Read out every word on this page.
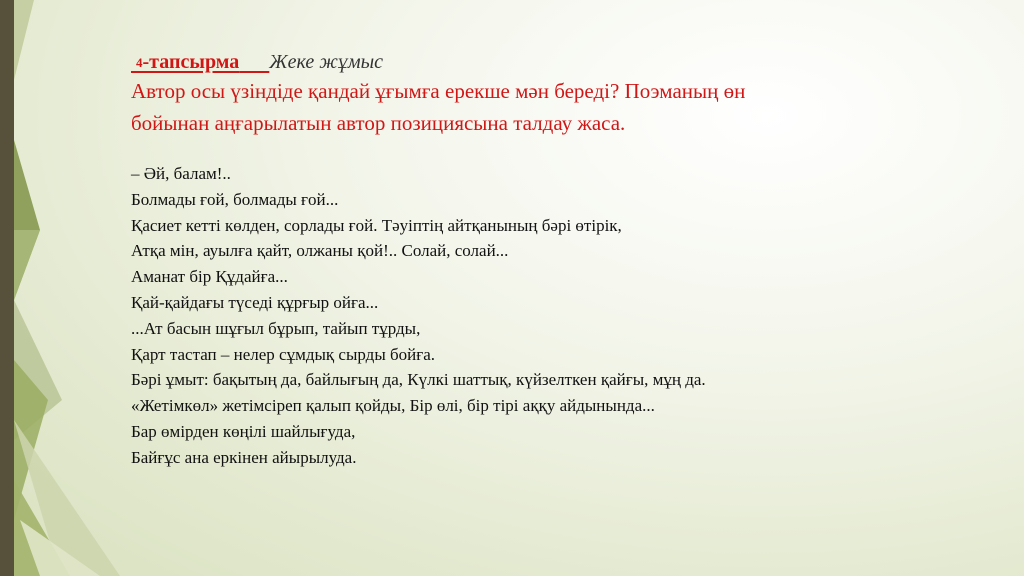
4-тапсырма Жеке жұмыс
Автор осы үзіндіде қандай ұғымға ерекше мән береді? Поэманың өн
бойынан аңғарылатын автор позициясына талдау жаса.
– Әй, балам!..
Болмады ғой, болмады ғой...
Қасиет кетті көлден, сорлады ғой. Тәуіптің айтқанының бәрі өтірік,
Атқа мін, ауылға қайт, олжаны қой!.. Солай, солай...
Аманат бір Құдайға...
Қай-қайдағы түседі құрғыр ойға...
...Ат басын шұғыл бұрып, тайып тұрды,
Қарт тастап – нелер сұмдық сырды бойға.
Бәрі ұмыт: бақытың да, байлығың да, Күлкі шаттық, күйзелткен қайғы, мұң да.
«Жетімкөл» жетімсіреп қалып қойды, Бір өлі, бір тірі аққу айдынында...
Бар өмірден көңілі шайлығуда,
Байғұс ана еркінен айырылуда.
